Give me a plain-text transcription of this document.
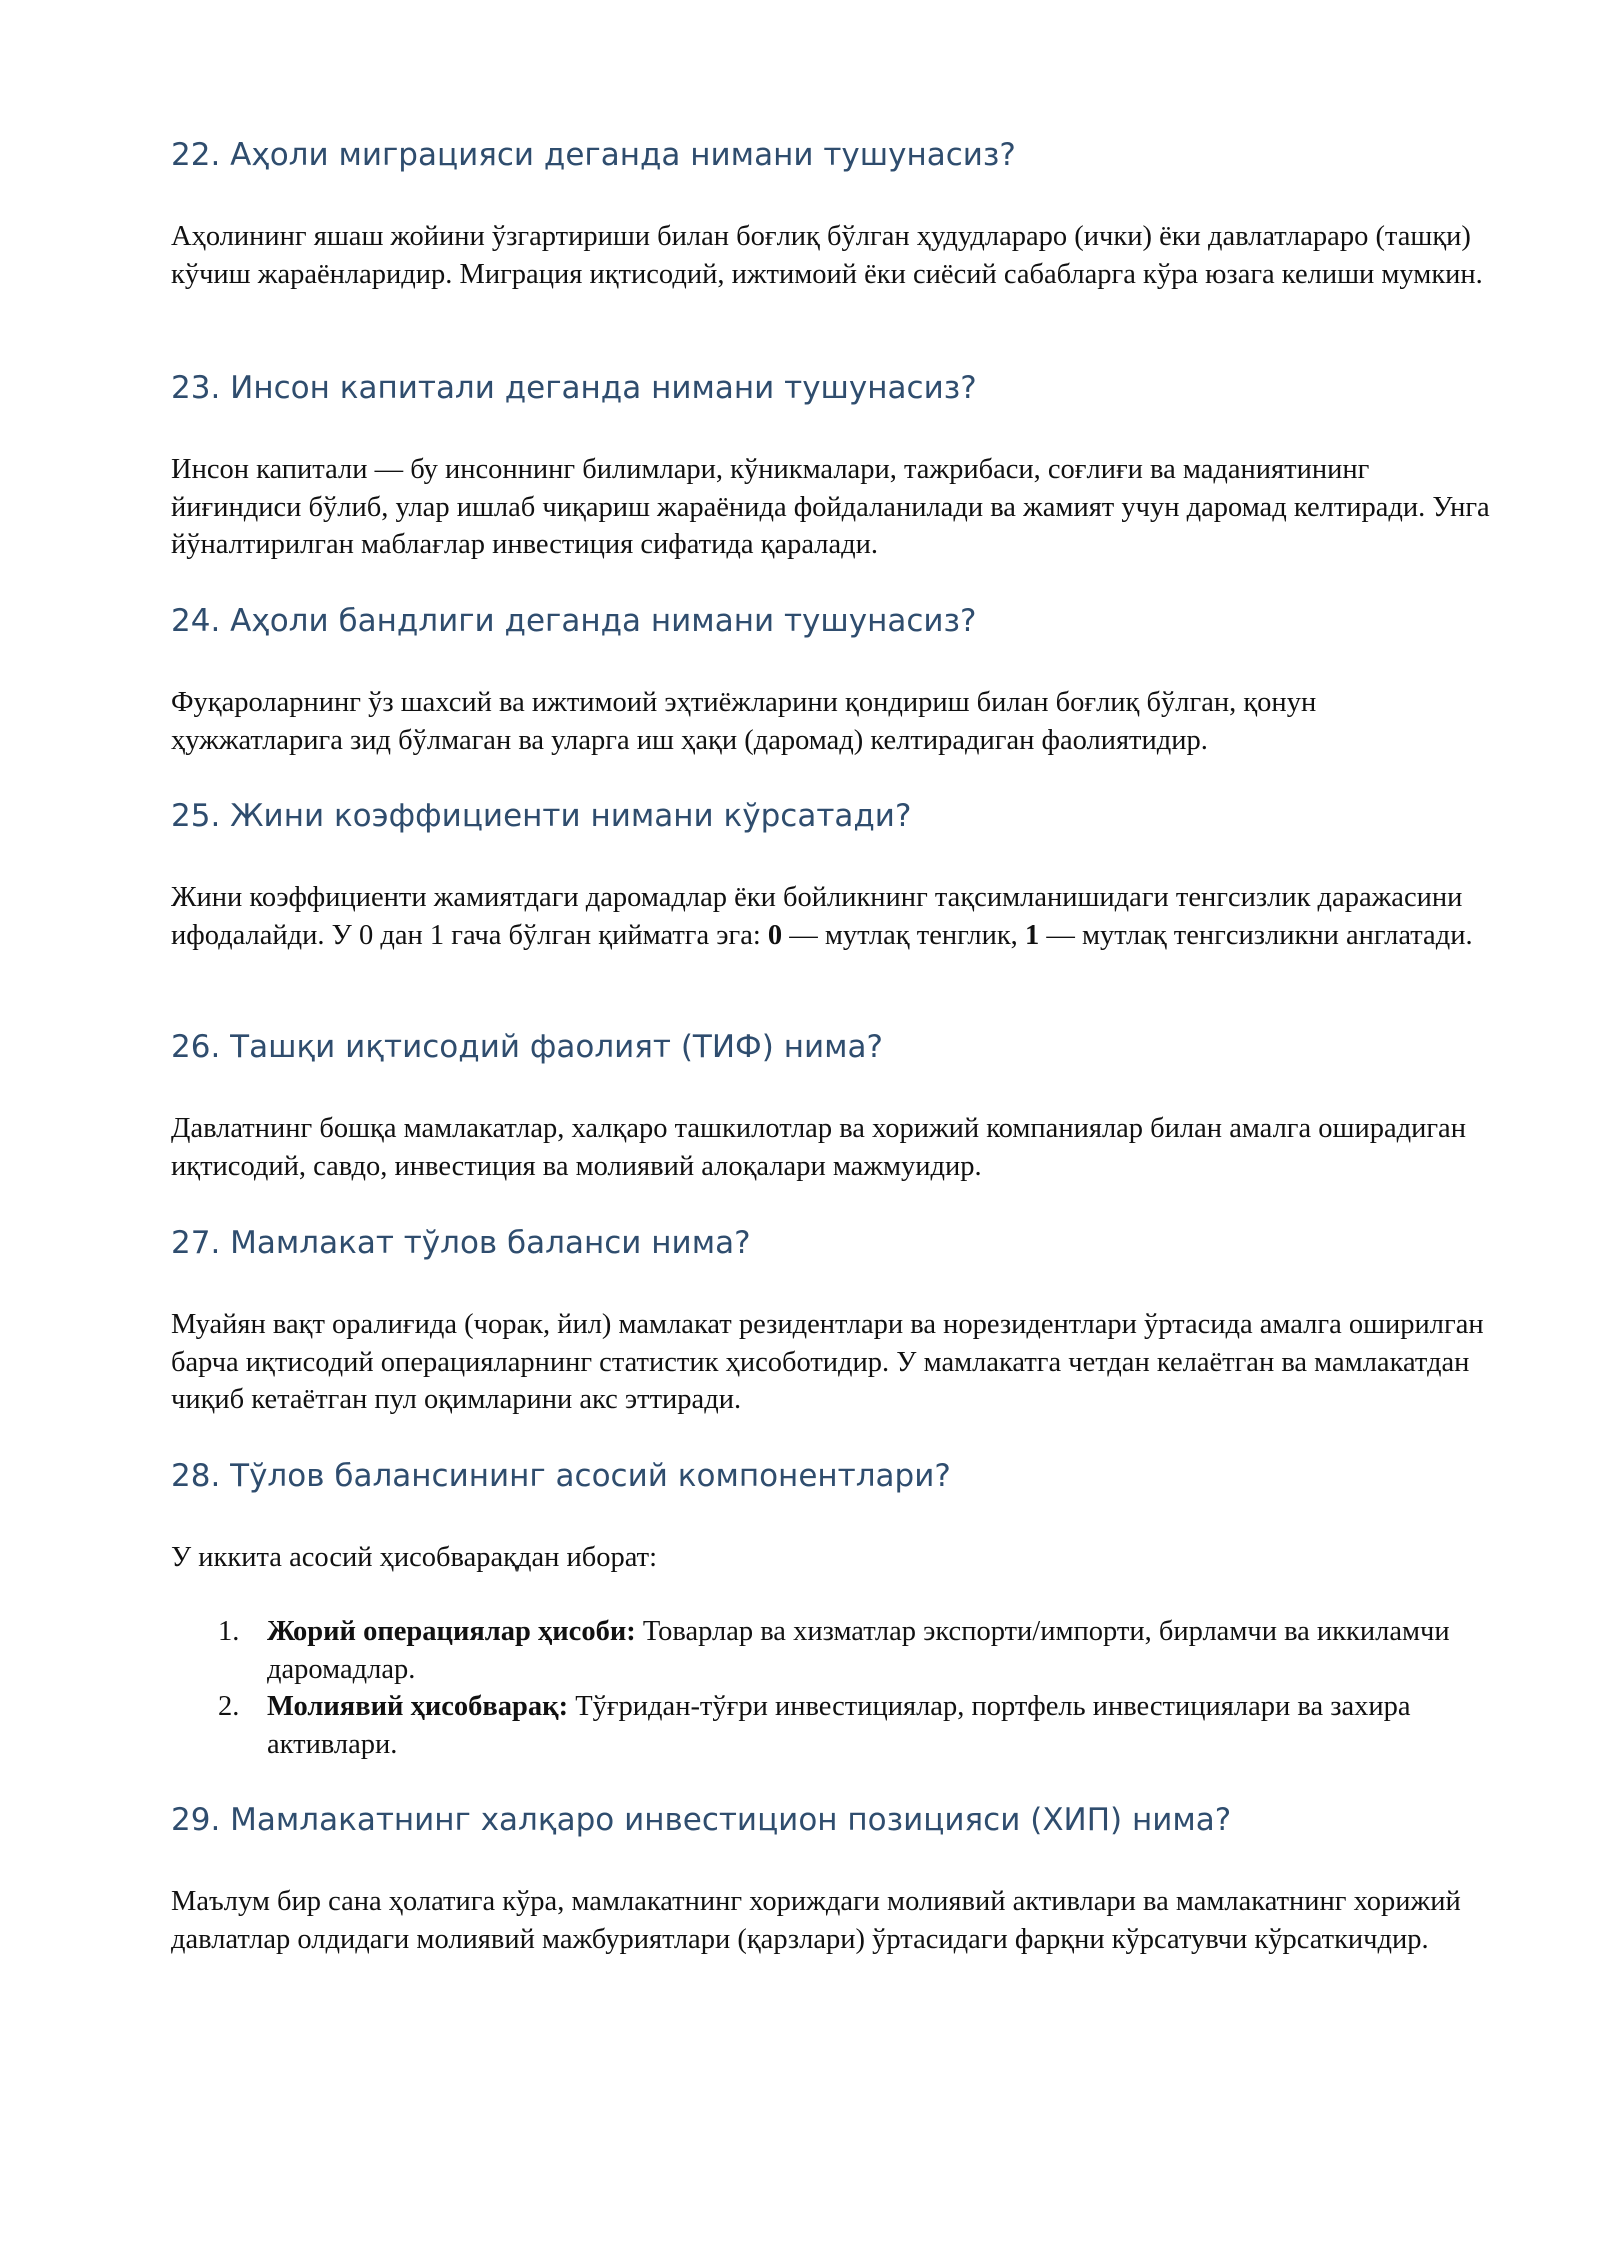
22. Аҳоли миграцияси деганда нимани тушунасиз?

Аҳолининг яшаш жойини ўзгартириши билан боғлиқ бўлган ҳудудлараро (ички) ёки давлатлараро (ташқи) кўчиш жараёнларидир. Миграция иқтисодий, ижтимоий ёки сиёсий сабабларга кўра юзага келиши мумкин.

23. Инсон капитали деганда нимани тушунасиз?

Инсон капитали — бу инсоннинг билимлари, кўникмалари, тажрибаси, соғлиғи ва маданиятининг йиғиндиси бўлиб, улар ишлаб чиқариш жараёнида фойдаланилади ва жамият учун даромад келтиради. Унга йўналтирилган маблағлар инвестиция сифатида қаралади.

24. Аҳоли бандлиги деганда нимани тушунасиз?

Фуқароларнинг ўз шахсий ва ижтимоий эҳтиёжларини қондириш билан боғлиқ бўлган, қонун ҳужжатларига зид бўлмаган ва уларга иш ҳақи (даромад) келтирадиган фаолиятидир.

25. Жини коэффициенти нимани кўрсатади?

Жини коэффициенти жамиятдаги даромадлар ёки бойликнинг тақсимланишидаги тенгсизлик даражасини ифодалайди. У 0 дан 1 гача бўлган қийматга эга: 0 — мутлақ тенглик, 1 — мутлақ тенгсизликни англатади.

26. Ташқи иқтисодий фаолият (ТИФ) нима?

Давлатнинг бошқа мамлакатлар, халқаро ташкилотлар ва хорижий компаниялар билан амалга оширадиган иқтисодий, савдо, инвестиция ва молиявий алоқалари мажмуидир.

27. Мамлакат тўлов баланси нима?

Муайян вақт оралиғида (чорак, йил) мамлакат резидентлари ва норезидентлари ўртасида амалга оширилган барча иқтисодий операцияларнинг статистик ҳисоботидир. У мамлакатга четдан келаётган ва мамлакатдан чиқиб кетаётган пул оқимларини акс эттиради.

28. Тўлов балансининг асосий компонентлари?

У иккита асосий ҳисобварақдан иборат:

1. Жорий операциялар ҳисоби: Товарлар ва хизматлар экспорти/импорти, бирламчи ва иккиламчи даромадлар.
2. Молиявий ҳисобварақ: Тўғридан-тўғри инвестициялар, портфель инвестициялари ва захира активлари.
29. Мамлакатнинг халқаро инвестицион позицияси (ХИП) нима?

Маълум бир сана ҳолатига кўра, мамлакатнинг хориждаги молиявий активлари ва мамлакатнинг хорижий давлатлар олдидаги молиявий мажбуриятлари (қарзлари) ўртасидаги фарқни кўрсатувчи кўрсаткичдир.
